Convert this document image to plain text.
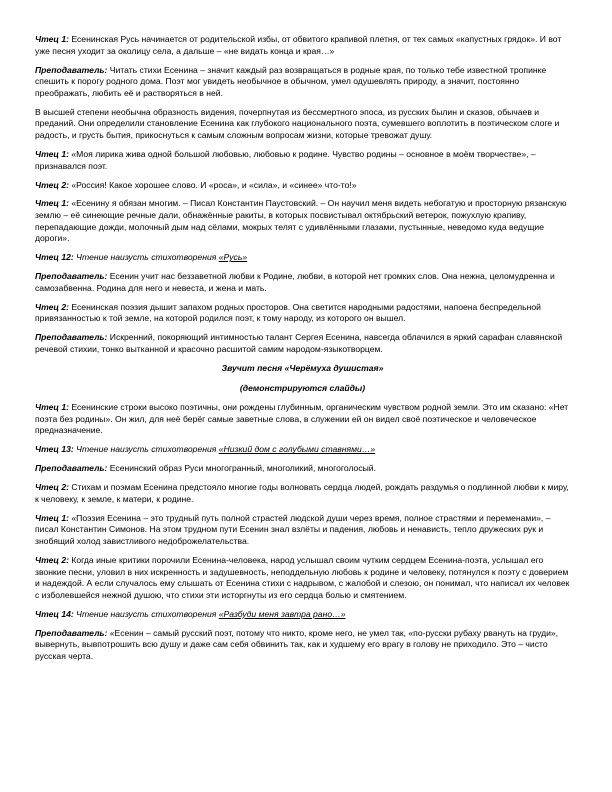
Чтец 1: Есенинская Русь начинается от родительской избы, от обвитого крапивой плетня, от тех самых «капустных грядок». И вот уже песня уходит за околицу села, а дальше – «не видать конца и края…»

Преподаватель: Читать стихи Есенина – значит каждый раз возвращаться в родные края, по только тебе известной тропинке спешить к порогу родного дома. Поэт мог увидеть необычное в обычном, умел одушевлять природу, а значит, постоянно преображать, любить её и растворяться в ней.

В высшей степени необычна образность видения, почерпнутая из бессмертного эпоса, из русских былин и сказов, обычаев и преданий. Они определили становление Есенина как глубокого национального поэта, сумевшего воплотить в поэтическом слоге и радость, и грусть бытия, прикоснуться к самым сложным вопросам жизни, которые тревожат душу.

Чтец 1: «Моя лирика жива одной большой любовью, любовью к родине. Чувство родины – основное в моём творчестве», – признавался поэт.

Чтец 2: «Россия! Какое хорошее слово. И «роса», и «сила», и «синее» что-то!»

Чтец 1: «Есенину я обязан многим. – Писал Константин Паустовский. – Он научил меня видеть небогатую и просторную рязанскую землю – её синеющие речные дали, обнажённые ракиты, в которых посвистывал октябрьский ветерок, пожухлую крапиву, перепадающие дожди, молочный дым над сёлами, мокрых телят с удивлёнными глазами, пустынные, неведомо куда ведущие дороги».

Чтец 12: Чтение наизусть стихотворения «Русь»

Преподаватель: Есенин учит нас беззаветной любви к Родине, любви, в которой нет громких слов. Она нежна, целомудренна и самозабвенна. Родина для него и невеста, и жена и мать.

Чтец 2: Есенинская поэзия дышит запахом родных просторов. Она светится народными радостями, напоена беспредельной привязанностью к той земле, на которой родился поэт, к тому народу, из которого он вышел.

Преподаватель: Искренний, покоряющий интимностью талант Сергея Есенина, навсегда облачился в яркий сарафан славянской речевой стихии, тонко вытканной и красочно расшитой самим народом-языкотворцем.

Звучит песня «Черёмуха душистая»

(демонстрируются слайды)

Чтец 1: Есенинские строки высоко поэтичны, они рождены глубинным, органическим чувством родной земли. Это им сказано: «Нет поэта без родины». Он жил, для неё берёг самые заветные слова, в служении ей он видел своё поэтическое и человеческое предназначение.

Чтец 13: Чтение наизусть стихотворения «Низкий дом с голубыми ставнями…»

Преподаватель: Есенинский образ Руси многогранный, многоликий, многоголосый.

Чтец 2: Стихам и поэмам Есенина предстояло многие годы волновать сердца людей, рождать раздумья о подлинной любви к миру, к человеку, к земле, к матери, к родине.

Чтец 1: «Поэзия Есенина – это трудный путь полной страстей людской души через время, полное страстями и переменами», – писал Константин Симонов. На этом трудном пути Есенин знал взлёты и падения, любовь и ненависть, тепло дружеских рук и знобящий холод завистливого недоброжелательства.

Чтец 2: Когда иные критики порочили Есенина-человека, народ услышал своим чутким сердцем Есенина-поэта, услышал его звонкие песни, уловил в них искренность и задушевность, неподдельную любовь к родине и человеку, потянулся к поэту с доверием и надеждой. А если случалось ему слышать от Есенина стихи с надрывом, с жалобой и слезою, он понимал, что написал их человек с изболевшейся нежной душою, что стихи эти исторгнуты из его сердца болью и смятением.

Чтец 14: Чтение наизусть стихотворения «Разбуди меня завтра рано…»

Преподаватель: «Есенин – самый русский поэт, потому что никто, кроме него, не умел так, «по-русски рубаху рвануть на груди», вывернуть, вывпотрошить всю душу и даже сам себя обвинить так, как и худшему его врагу в голову не приходило. Это – чисто русская черта.
